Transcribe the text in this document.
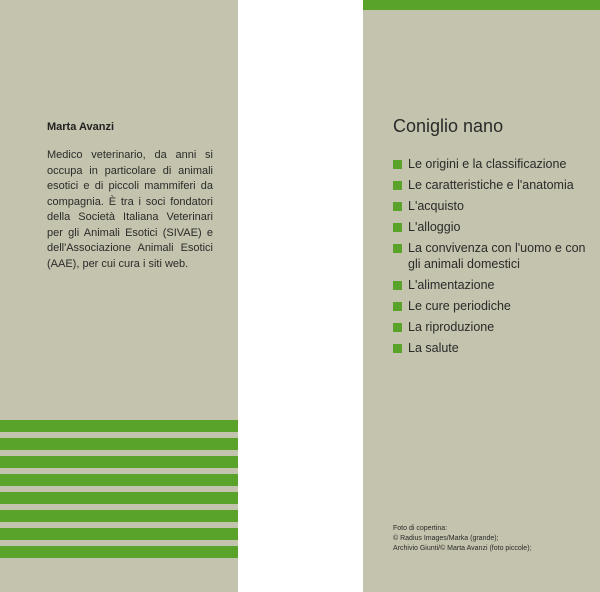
Marta Avanzi

Medico veterinario, da anni si occupa in particolare di animali esotici e di piccoli mammiferi da compagnia. È tra i soci fondatori della Società Italiana Veterinari per gli Animali Esotici (SIVAE) e dell'Associazione Animali Esotici (AAE), per cui cura i siti web.

Coniglio nano
Le origini e la classificazione
Le caratteristiche e l'anatomia
L'acquisto
L'alloggio
La convivenza con l'uomo e con gli animali domestici
L'alimentazione
Le cure periodiche
La riproduzione
La salute
Foto di copertina:
© Radius Images/Marka (grande);
Archivio Giunti/© Marta Avanzi (foto piccole);
